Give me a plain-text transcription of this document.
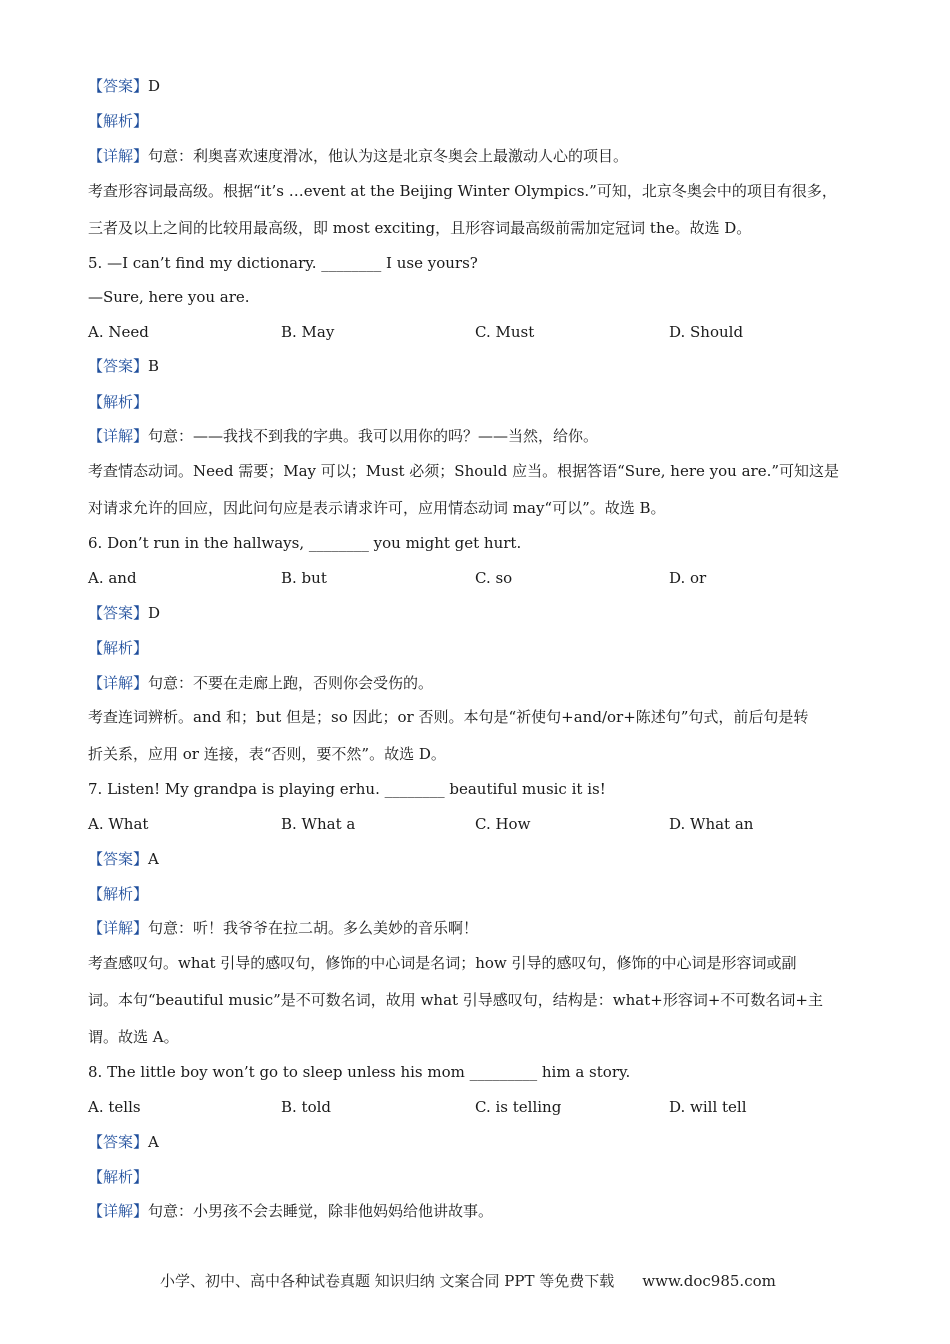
【答案】D
【解析】
【详解】句意：利奥喜欢速度滑冰，他认为这是北京冬奥会上最激动人心的项目。
考查形容词最高级。根据“it’s …event at the Beijing Winter Olympics.”可知，北京冬奥会中的项目有很多，
三者及以上之间的比较用最高级，即 most exciting，且形容词最高级前需加定冠词 the。故选 D。
5. —I can’t find my dictionary. ________ I use yours?
—Sure, here you are.
A. Need	B. May	C. Must	D. Should
【答案】B
【解析】
【详解】句意：——我找不到我的字典。我可以用你的吗？——当然，给你。
考查情态动词。Need 需要；May 可以；Must 必须；Should 应当。根据答语“Sure, here you are.”可知这是
对请求允许的回应，因此问句应是表示请求许可，应用情态动词 may“可以”。故选 B。
6. Don’t run in the hallways, ________ you might get hurt.
A. and	B. but	C. so	D. or
【答案】D
【解析】
【详解】句意：不要在走廊上跑，否则你会受伤的。
考查连词辨析。and 和；but 但是；so 因此；or 否则。本句是“祈使句+and/or+陈述句”句式，前后句是转
折关系，应用 or 连接，表“否则，要不然”。故选 D。
7. Listen! My grandpa is playing erhu. ________ beautiful music it is!
A. What	B. What a	C. How	D. What an
【答案】A
【解析】
【详解】句意：听！我爷爷在拉二胡。多么美妙的音乐啊！
考查感叹句。what 引导的感叹句，修饰的中心词是名词；how 引导的感叹句，修饰的中心词是形容词或副
词。本句“beautiful music”是不可数名词，故用 what 引导感叹句，结构是：what+形容词+不可数名词+主
谓。故选 A。
8. The little boy won’t go to sleep unless his mom _________ him a story.
A. tells	B. told	C. is telling	D. will tell
【答案】A
【解析】
【详解】句意：小男孩不会去睡觉，除非他妈妈给他讲故事。
小学、初中、高中各种试卷真题 知识归纳 文案合同 PPT 等免费下载 www.doc985.com
